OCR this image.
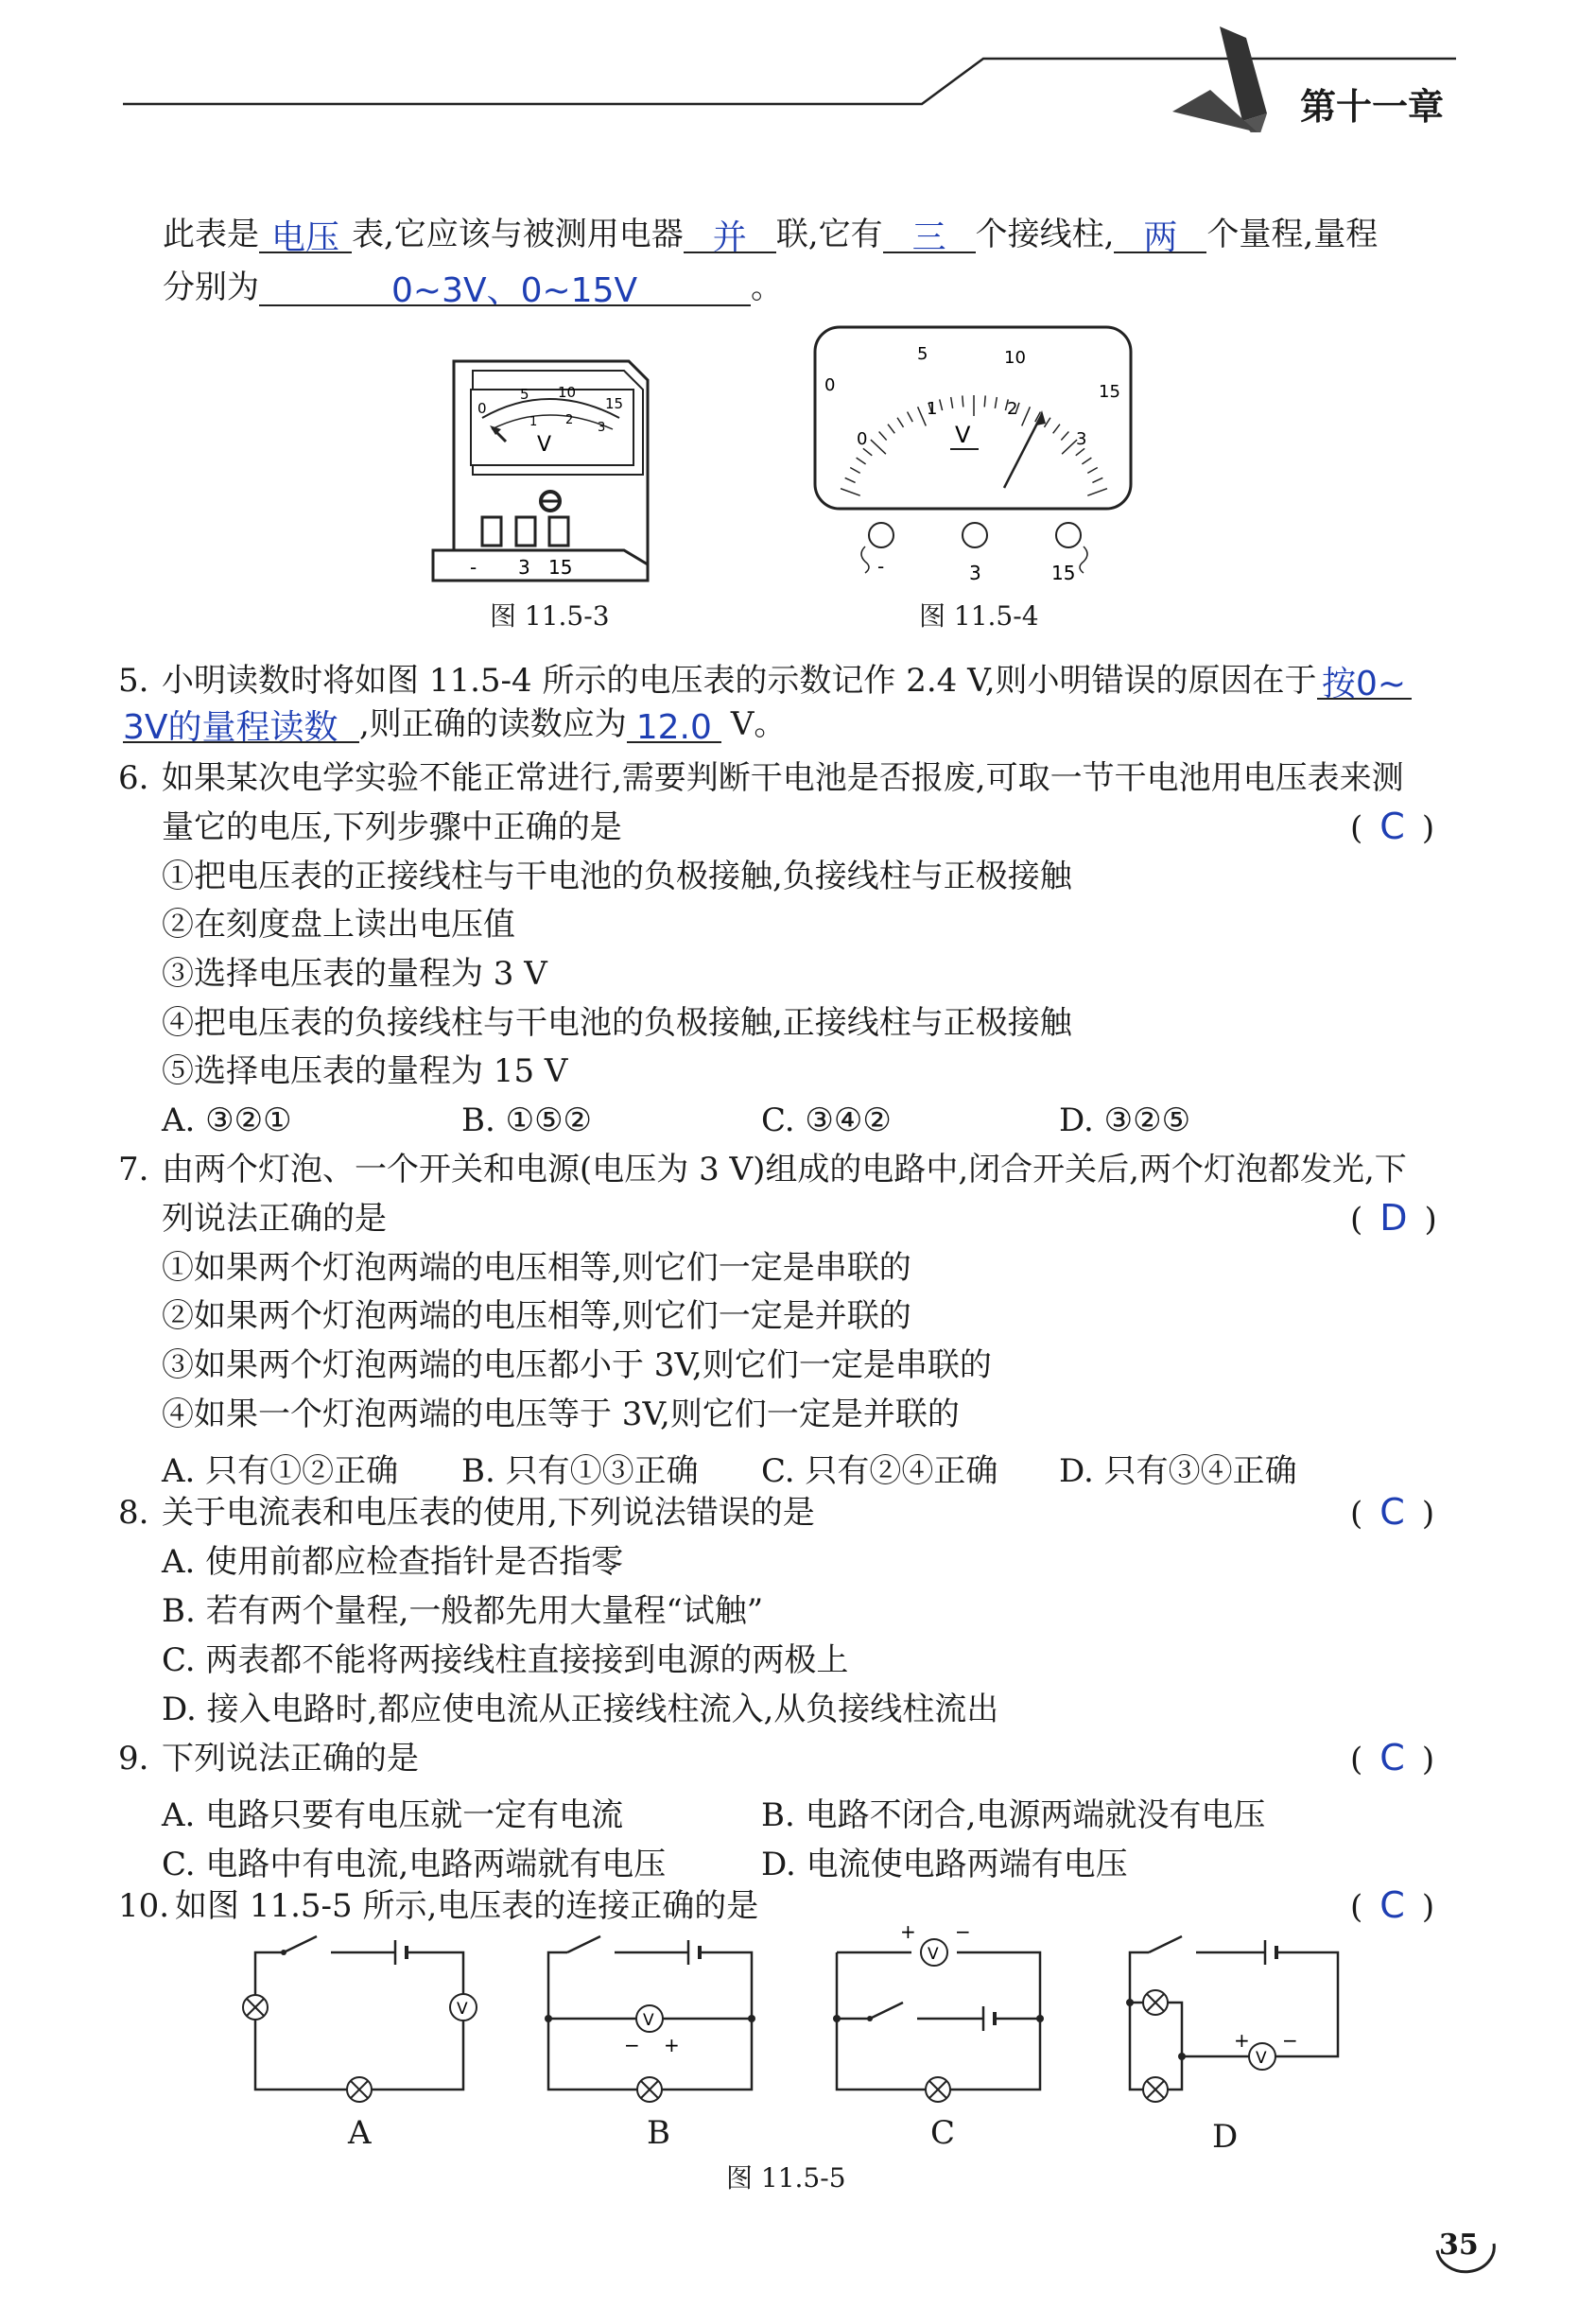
第十一章
此表是 电压 表,它应该与被测用电器 并 联,它有 三 个接线柱, 两 个量程,量程
分别为	0~3V、0~15V	。
0
5 10
15
1 2
3
V
- 3 15
图 11.5-3
0
5	10
15
0
1	2
3
V
-	3	15
图 11.5-4
5. 小明读数时将如图 11.5-4 所示的电压表的示数记作 2.4 V,则小明错误的原因在于 按0~
3V的量程读数 ,则正确的读数应为 12.0 V。
6. 如果某次电学实验不能正常进行,需要判断干电池是否报废,可取一节干电池用电压表来测
量它的电压,下列步骤中正确的是	( C )
①把电压表的正接线柱与干电池的负极接触,负接线柱与正极接触
②在刻度盘上读出电压值
③选择电压表的量程为 3 V
④把电压表的负接线柱与干电池的负极接触,正接线柱与正极接触
⑤选择电压表的量程为 15 V
A. ③②①	B. ①⑤②	C. ③④②	D. ③②⑤
7. 由两个灯泡、一个开关和电源(电压为 3 V)组成的电路中,闭合开关后,两个灯泡都发光,下
列说法正确的是	( D )
①如果两个灯泡两端的电压相等,则它们一定是串联的
②如果两个灯泡两端的电压相等,则它们一定是并联的
③如果两个灯泡两端的电压都小于 3V,则它们一定是串联的
④如果一个灯泡两端的电压等于 3V,则它们一定是并联的
A. 只有①②正确 B. 只有①③正确 C. 只有②④正确 D. 只有③④正确
8. 关于电流表和电压表的使用,下列说法错误的是	( C )
A. 使用前都应检查指针是否指零
B. 若有两个量程,一般都先用大量程“试触”
C. 两表都不能将两接线柱直接接到电源的两极上
D. 接入电路时,都应使电流从正接线柱流入,从负接线柱流出
9. 下列说法正确的是	( C )
A. 电路只要有电压就一定有电流	B. 电路不闭合,电源两端就没有电压
C. 电路中有电流,电路两端就有电压	D. 电流使电路两端有电压
10. 如图 11.5-5 所示,电压表的连接正确的是	( C )
V
V
− +
V
+ −
V
+ −
A	B	C	D
图 11.5-5
35
